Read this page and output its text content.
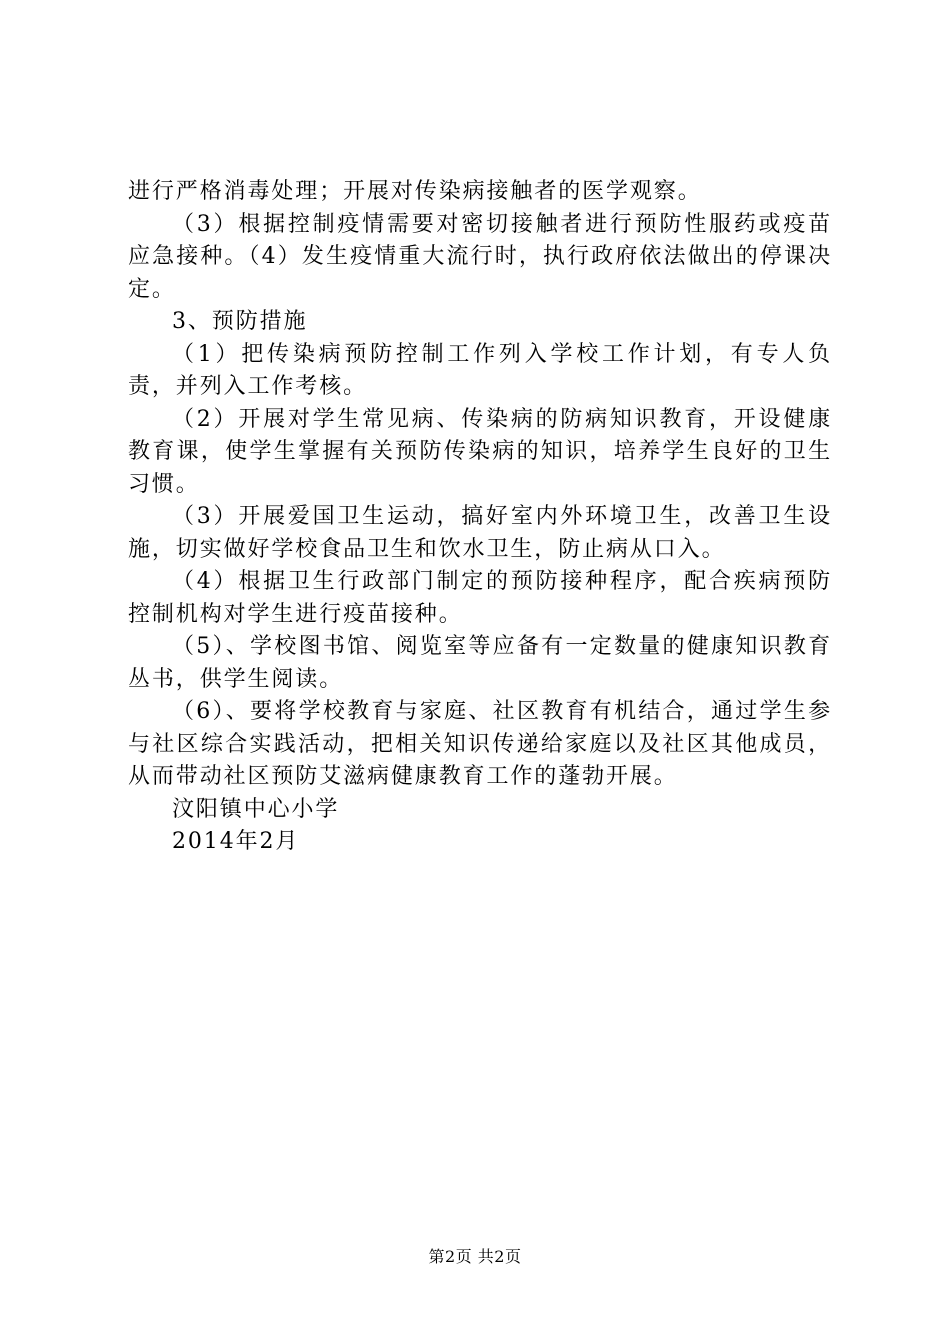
进行严格消毒处理；开展对传染病接触者的医学观察。

（3）根据控制疫情需要对密切接触者进行预防性服药或疫苗应急接种。（4）发生疫情重大流行时，执行政府依法做出的停课决定。

3、预防措施

（1）把传染病预防控制工作列入学校工作计划，有专人负责，并列入工作考核。

（2）开展对学生常见病、传染病的防病知识教育，开设健康教育课，使学生掌握有关预防传染病的知识，培养学生良好的卫生习惯。

（3）开展爱国卫生运动，搞好室内外环境卫生，改善卫生设施，切实做好学校食品卫生和饮水卫生，防止病从口入。

（4）根据卫生行政部门制定的预防接种程序，配合疾病预防控制机构对学生进行疫苗接种。

（5）、学校图书馆、阅览室等应备有一定数量的健康知识教育丛书，供学生阅读。

（6）、要将学校教育与家庭、社区教育有机结合，通过学生参与社区综合实践活动，把相关知识传递给家庭以及社区其他成员，从而带动社区预防艾滋病健康教育工作的蓬勃开展。

汶阳镇中心小学

2014年2月

第2页 共2页
